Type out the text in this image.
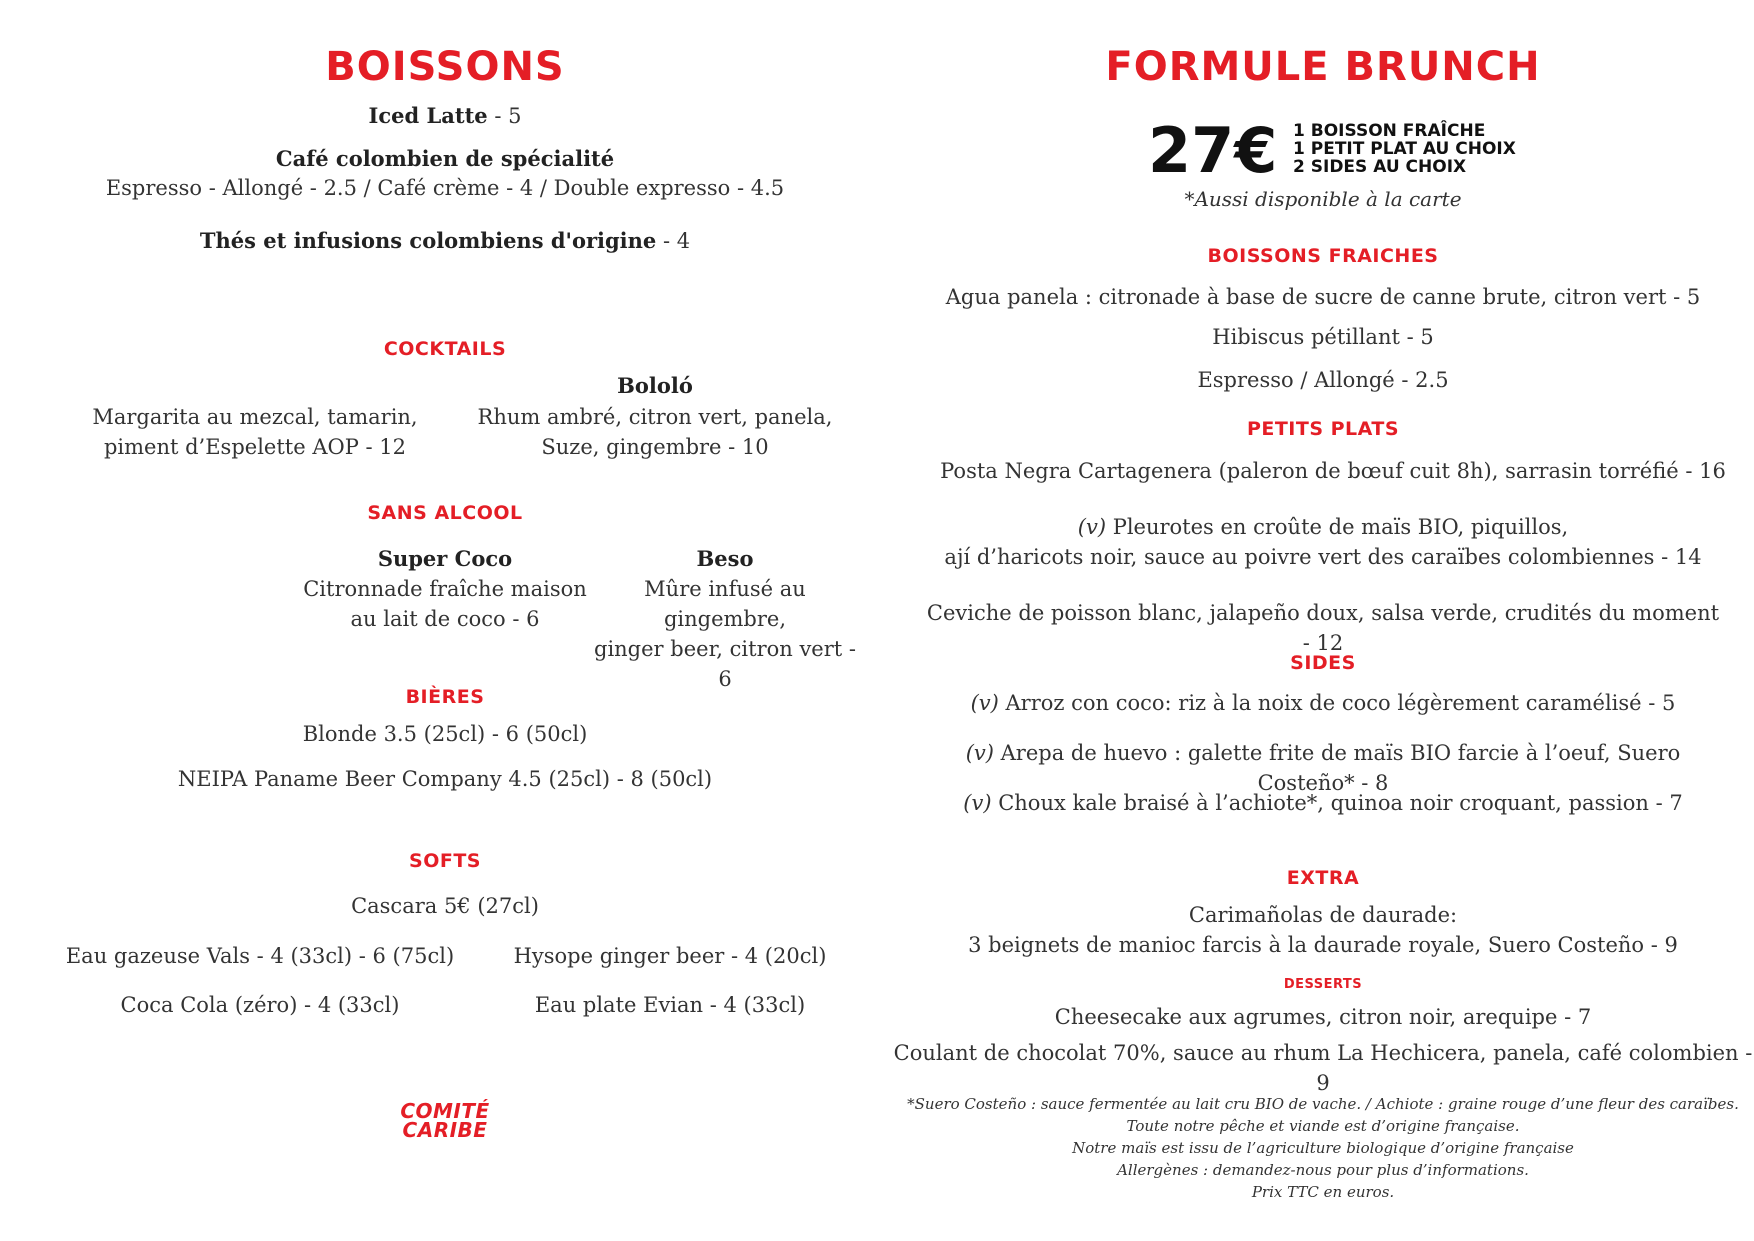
BOISSONS
Iced Latte - 5
Café colombien de spécialité
Espresso - Allongé - 2.5 / Café crème - 4 / Double expresso - 4.5
Thés et infusions colombiens d'origine - 4
COCKTAILS
Bololó
Margarita au mezcal, tamarin,
piment d’Espelette AOP - 12
Rhum ambré, citron vert, panela,
Suze, gingembre - 10
SANS ALCOOL
Super Coco
Citronnade fraîche maison
au lait de coco - 6
Beso
Mûre infusé au gingembre,
ginger beer, citron vert - 6
BIÈRES
Blonde 3.5 (25cl) - 6 (50cl)
NEIPA Paname Beer Company 4.5 (25cl) - 8 (50cl)
SOFTS
Cascara 5€ (27cl)
Eau gazeuse Vals - 4 (33cl) - 6 (75cl)	Hysope ginger beer - 4 (20cl)
Coca Cola (zéro) - 4 (33cl)	Eau plate Evian - 4 (33cl)
COMITÉ
CARIBE
FORMULE BRUNCH
27€ 1 BOISSON FRAÎCHE
1 PETIT PLAT AU CHOIX
2 SIDES AU CHOIX
*Aussi disponible à la carte
BOISSONS FRAICHES
Agua panela : citronade à base de sucre de canne brute, citron vert - 5
Hibiscus pétillant - 5
Espresso / Allongé - 2.5
PETITS PLATS
Posta Negra Cartagenera (paleron de bœuf cuit 8h), sarrasin torréfié - 16
(v) Pleurotes en croûte de maïs BIO, piquillos,
ají d’haricots noir, sauce au poivre vert des caraïbes colombiennes - 14
Ceviche de poisson blanc, jalapeño doux, salsa verde, crudités du moment - 12
SIDES
(v) Arroz con coco: riz à la noix de coco légèrement caramélisé - 5
(v) Arepa de huevo : galette frite de maïs BIO farcie à l’oeuf, Suero Costeño* - 8
(v) Choux kale braisé à l’achiote*, quinoa noir croquant, passion - 7
EXTRA
Carimañolas de daurade:
3 beignets de manioc farcis à la daurade royale, Suero Costeño - 9
DESSERTS
Cheesecake aux agrumes, citron noir, arequipe - 7
Coulant de chocolat 70%, sauce au rhum La Hechicera, panela, café colombien - 9
*Suero Costeño : sauce fermentée au lait cru BIO de vache. / Achiote : graine rouge d’une fleur des caraïbes.
Toute notre pêche et viande est d’origine française.
Notre maïs est issu de l’agriculture biologique d’origine française
Allergènes : demandez-nous pour plus d’informations.
Prix TTC en euros.
